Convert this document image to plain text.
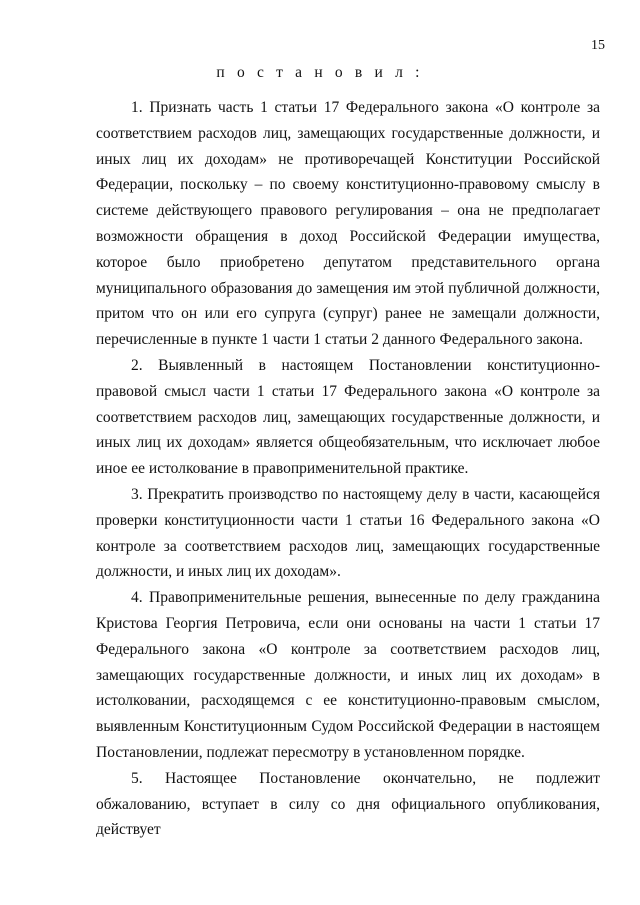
15
п о с т а н о в и л :

1. Признать часть 1 статьи 17 Федерального закона «О контроле за соответствием расходов лиц, замещающих государственные должности, и иных лиц их доходам» не противоречащей Конституции Российской Федерации, поскольку – по своему конституционно-правовому смыслу в системе действующего правового регулирования – она не предполагает возможности обращения в доход Российской Федерации имущества, которое было приобретено депутатом представительного органа муниципального образования до замещения им этой публичной должности, притом что он или его супруга (супруг) ранее не замещали должности, перечисленные в пункте 1 части 1 статьи 2 данного Федерального закона.

2. Выявленный в настоящем Постановлении конституционно-правовой смысл части 1 статьи 17 Федерального закона «О контроле за соответствием расходов лиц, замещающих государственные должности, и иных лиц их доходам» является общеобязательным, что исключает любое иное ее истолкование в правоприменительной практике.

3. Прекратить производство по настоящему делу в части, касающейся проверки конституционности части 1 статьи 16 Федерального закона «О контроле за соответствием расходов лиц, замещающих государственные должности, и иных лиц их доходам».

4. Правоприменительные решения, вынесенные по делу гражданина Кристова Георгия Петровича, если они основаны на части 1 статьи 17 Федерального закона «О контроле за соответствием расходов лиц, замещающих государственные должности, и иных лиц их доходам» в истолковании, расходящемся с ее конституционно-правовым смыслом, выявленным Конституционным Судом Российской Федерации в настоящем Постановлении, подлежат пересмотру в установленном порядке.

5. Настоящее Постановление окончательно, не подлежит обжалованию, вступает в силу со дня официального опубликования, действует
